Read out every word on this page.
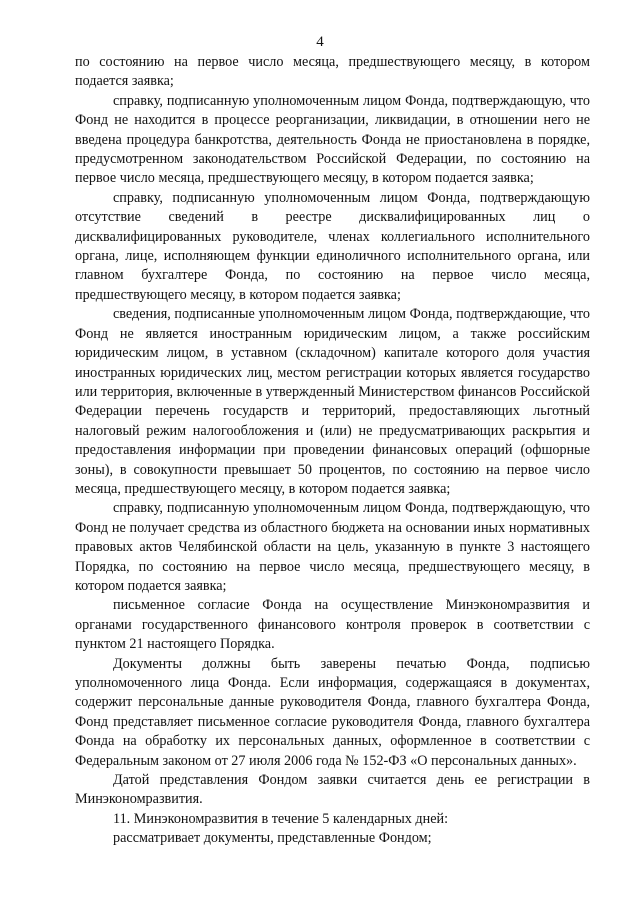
4

по состоянию на первое число месяца, предшествующего месяцу, в котором подается заявка;

справку, подписанную уполномоченным лицом Фонда, подтверждающую, что Фонд не находится в процессе реорганизации, ликвидации, в отношении него не введена процедура банкротства, деятельность Фонда не приостановлена в порядке, предусмотренном законодательством Российской Федерации, по состоянию на первое число месяца, предшествующего месяцу, в котором подается заявка;

справку, подписанную уполномоченным лицом Фонда, подтверждающую отсутствие сведений в реестре дисквалифицированных лиц о дисквалифицированных руководителе, членах коллегиального исполнительного органа, лице, исполняющем функции единоличного исполнительного органа, или главном бухгалтере Фонда, по состоянию на первое число месяца, предшествующего месяцу, в котором подается заявка;

сведения, подписанные уполномоченным лицом Фонда, подтверждающие, что Фонд не является иностранным юридическим лицом, а также российским юридическим лицом, в уставном (складочном) капитале которого доля участия иностранных юридических лиц, местом регистрации которых является государство или территория, включенные в утвержденный Министерством финансов Российской Федерации перечень государств и территорий, предоставляющих льготный налоговый режим налогообложения и (или) не предусматривающих раскрытия и предоставления информации при проведении финансовых операций (офшорные зоны), в совокупности превышает 50 процентов, по состоянию на первое число месяца, предшествующего месяцу, в котором подается заявка;

справку, подписанную уполномоченным лицом Фонда, подтверждающую, что Фонд не получает средства из областного бюджета на основании иных нормативных правовых актов Челябинской области на цель, указанную в пункте 3 настоящего Порядка, по состоянию на первое число месяца, предшествующего месяцу, в котором подается заявка;

письменное согласие Фонда на осуществление Минэкономразвития и органами государственного финансового контроля проверок в соответствии с пунктом 21 настоящего Порядка.

Документы должны быть заверены печатью Фонда, подписью уполномоченного лица Фонда. Если информация, содержащаяся в документах, содержит персональные данные руководителя Фонда, главного бухгалтера Фонда, Фонд представляет письменное согласие руководителя Фонда, главного бухгалтера Фонда на обработку их персональных данных, оформленное в соответствии с Федеральным законом от 27 июля 2006 года № 152-ФЗ «О персональных данных».

Датой представления Фондом заявки считается день ее регистрации в Минэкономразвития.

11. Минэкономразвития в течение 5 календарных дней:

рассматривает документы, представленные Фондом;
